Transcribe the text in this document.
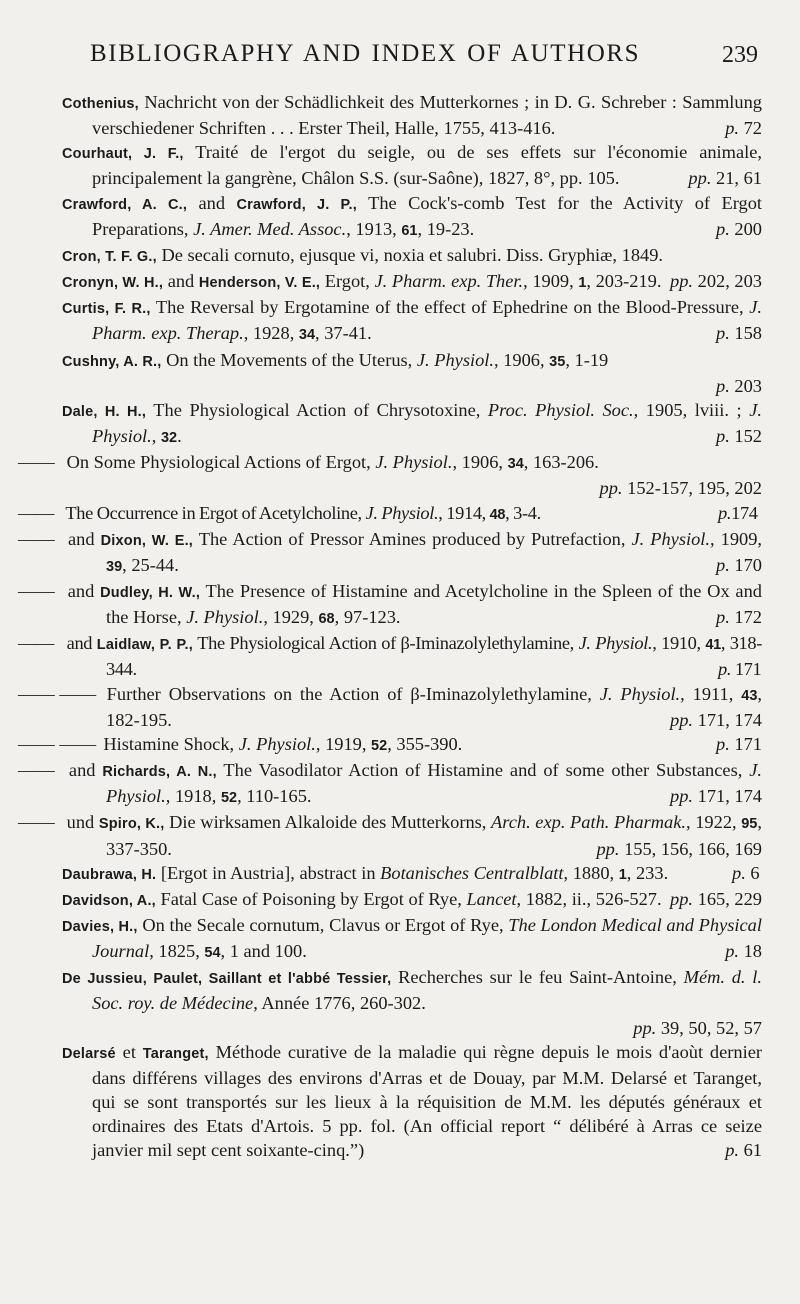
BIBLIOGRAPHY AND INDEX OF AUTHORS	239
Cothenius, Nachricht von der Schädlichkeit des Mutterkornes ; in D. G. Schreber : Sammlung verschiedener Schriften . . . Erster Theil, Halle, 1755, 413-416.	p. 72
Courhaut, J. F., Traité de l'ergot du seigle, ou de ses effets sur l'économie animale, principalement la gangrène, Châlon S.S. (sur-Saône), 1827, 8°, pp. 105.	pp. 21, 61
Crawford, A. C., and Crawford, J. P., The Cock's-comb Test for the Activity of Ergot Preparations, J. Amer. Med. Assoc., 1913, 61, 19-23.	p. 200
Cron, T. F. G., De secali cornuto, ejusque vi, noxia et salubri. Diss. Gryphiæ, 1849.
Cronyn, W. H., and Henderson, V. E., Ergot, J. Pharm. exp. Ther., 1909, 1, 203-219. pp. 202, 203
Curtis, F. R., The Reversal by Ergotamine of the effect of Ephedrine on the Blood-Pressure, J. Pharm. exp. Therap., 1928, 34, 37-41.	p. 158
Cushny, A. R., On the Movements of the Uterus, J. Physiol., 1906, 35, 1-19

p. 203
Dale, H. H., The Physiological Action of Chrysotoxine, Proc. Physiol. Soc., 1905, lviii. ; J. Physiol., 32.	p. 152
—— On Some Physiological Actions of Ergot, J. Physiol., 1906, 34, 163-206.

pp. 152-157, 195, 202
—— The Occurrence in Ergot of Acetylcholine, J. Physiol., 1914, 48, 3-4.	p.174
—— and Dixon, W. E., The Action of Pressor Amines produced by Putrefaction, J. Physiol., 1909, 39, 25-44.	p. 170
—— and Dudley, H. W., The Presence of Histamine and Acetylcholine in the Spleen of the Ox and the Horse, J. Physiol., 1929, 68, 97-123.	p. 172
—— and Laidlaw, P. P., The Physiological Action of β-Iminazolylethylamine, J. Physiol., 1910, 41, 318-344.	p. 171
—— —— Further Observations on the Action of β-Iminazolylethylamine, J. Physiol., 1911, 43, 182-195.	pp. 171, 174
—— —— Histamine Shock, J. Physiol., 1919, 52, 355-390.	p. 171
—— and Richards, A. N., The Vasodilator Action of Histamine and of some other Substances, J. Physiol., 1918, 52, 110-165.	pp. 171, 174
—— und Spiro, K., Die wirksamen Alkaloide des Mutterkorns, Arch. exp. Path. Pharmak., 1922, 95, 337-350.	pp. 155, 156, 166, 169
Daubrawa, H. [Ergot in Austria], abstract in Botanisches Centralblatt, 1880, 1, 233.	p. 6
Davidson, A., Fatal Case of Poisoning by Ergot of Rye, Lancet, 1882, ii., 526-527. pp. 165, 229
Davies, H., On the Secale cornutum, Clavus or Ergot of Rye, The London Medical and Physical Journal, 1825, 54, 1 and 100.	p. 18
De Jussieu, Paulet, Saillant et l'abbé Tessier, Recherches sur le feu Saint-Antoine, Mém. d. l. Soc. roy. de Médecine, Année 1776, 260-302.

pp. 39, 50, 52, 57
Delarsé et Taranget, Méthode curative de la maladie qui règne depuis le mois d'aoùt dernier dans différens villages des environs d'Arras et de Douay, par M.M. Delarsé et Taranget, qui se sont transportés sur les lieux à la réquisition de M.M. les députés généraux et ordinaires des Etats d'Artois. 5 pp. fol. (An official report “ délibéré à Arras ce seize janvier mil sept cent soixante-cinq.”)	p. 61
